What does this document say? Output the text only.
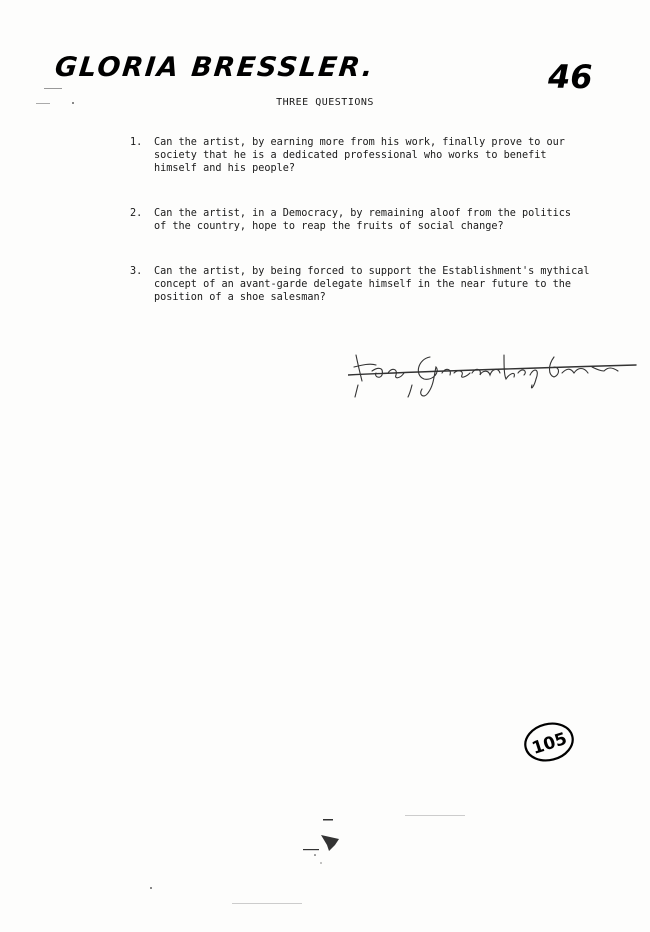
GLORIA BRESSLER.	46
THREE QUESTIONS
1. Can the artist, by earning more from his work, finally prove to our
society that he is a dedicated professional who works to benefit
himself and his people?
2. Can the artist, in a Democracy, by remaining aloof from the politics
of the country, hope to reap the fruits of social change?
3. Can the artist, by being forced to support the Establishment's mythical
concept of an avant-garde delegate himself in the near future to the
position of a shoe salesman?
105
